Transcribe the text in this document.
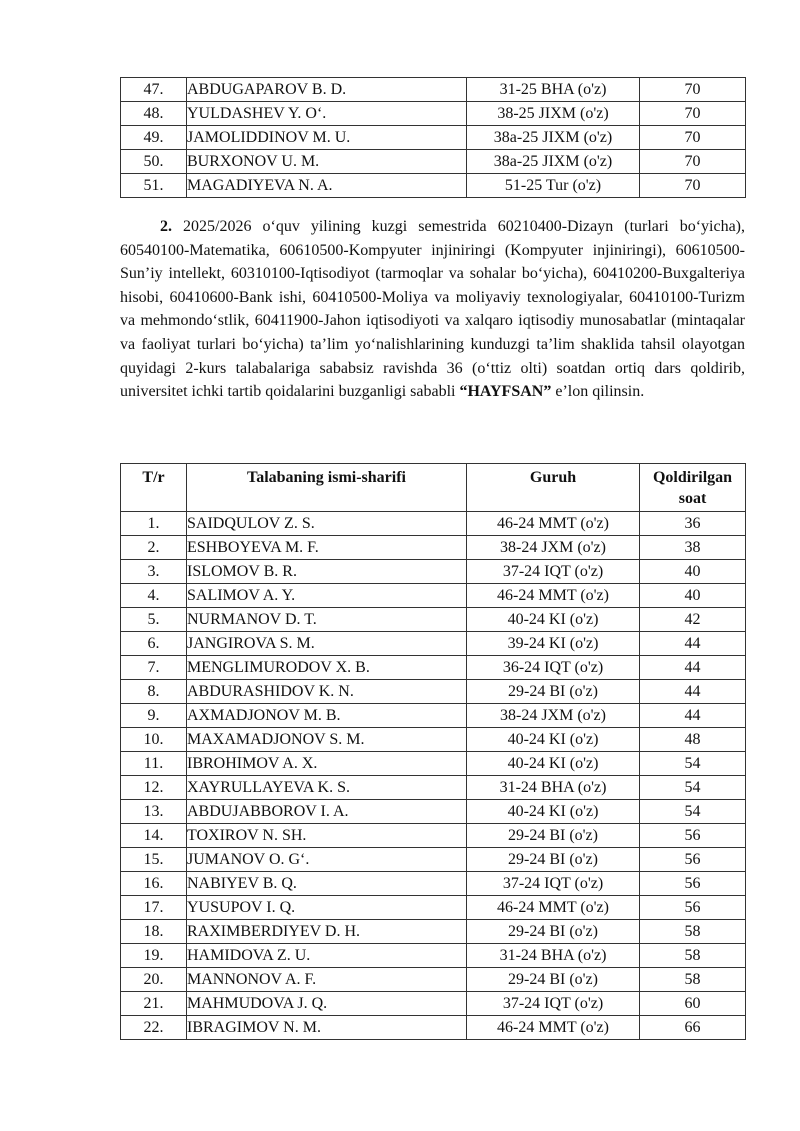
47.	ABDUGAPAROV B. D.	31-25 BHA (o'z)	70
48.	YULDASHEV Y. O‘.	38-25 JIXM (o'z)	70
49.	JAMOLIDDINOV M. U.	38a-25 JIXM (o'z)	70
50.	BURXONOV U. M.	38a-25 JIXM (o'z)	70
51.	MAGADIYEVA N. A.	51-25 Tur (o'z)	70

2. 2025/2026 o‘quv yilining kuzgi semestrida 60210400-Dizayn (turlari bo‘yicha), 60540100-Matematika, 60610500-Kompyuter injiniringi (Kompyuter injiniringi), 60610500-Sun’iy intellekt, 60310100-Iqtisodiyot (tarmoqlar va sohalar bo‘yicha), 60410200-Buxgalteriya hisobi, 60410600-Bank ishi, 60410500-Moliya va moliyaviy texnologiyalar, 60410100-Turizm va mehmondo‘stlik, 60411900-Jahon iqtisodiyoti va xalqaro iqtisodiy munosabatlar (mintaqalar va faoliyat turlari bo‘yicha) ta’lim yo‘nalishlarining kunduzgi ta’lim shaklida tahsil olayotgan quyidagi 2-kurs talabalariga sababsiz ravishda 36 (o‘ttiz olti) soatdan ortiq dars qoldirib, universitet ichki tartib qoidalarini buzganligi sababli “HAYFSAN” e’lon qilinsin.

T/r	Talabaning ismi-sharifi	Guruh	Qoldirilgan
soat
1.	SAIDQULOV Z. S.	46-24 MMT (o'z)	36
2.	ESHBOYEVA M. F.	38-24 JXM (o'z)	38
3.	ISLOMOV B. R.	37-24 IQT (o'z)	40
4.	SALIMOV A. Y.	46-24 MMT (o'z)	40
5.	NURMANOV D. T.	40-24 KI (o'z)	42
6.	JANGIROVA S. M.	39-24 KI (o'z)	44
7.	MENGLIMURODOV X. B.	36-24 IQT (o'z)	44
8.	ABDURASHIDOV K. N.	29-24 BI (o'z)	44
9.	AXMADJONOV M. B.	38-24 JXM (o'z)	44
10.	MAXAMADJONOV S. M.	40-24 KI (o'z)	48
11.	IBROHIMOV A. X.	40-24 KI (o'z)	54
12.	XAYRULLAYEVA K. S.	31-24 BHA (o'z)	54
13.	ABDUJABBOROV I. A.	40-24 KI (o'z)	54
14.	TOXIROV N. SH.	29-24 BI (o'z)	56
15.	JUMANOV O. G‘.	29-24 BI (o'z)	56
16.	NABIYEV B. Q.	37-24 IQT (o'z)	56
17.	YUSUPOV I. Q.	46-24 MMT (o'z)	56
18.	RAXIMBERDIYEV D. H.	29-24 BI (o'z)	58
19.	HAMIDOVA Z. U.	31-24 BHA (o'z)	58
20.	MANNONOV A. F.	29-24 BI (o'z)	58
21.	MAHMUDOVA J. Q.	37-24 IQT (o'z)	60
22.	IBRAGIMOV N. M.	46-24 MMT (o'z)	66
